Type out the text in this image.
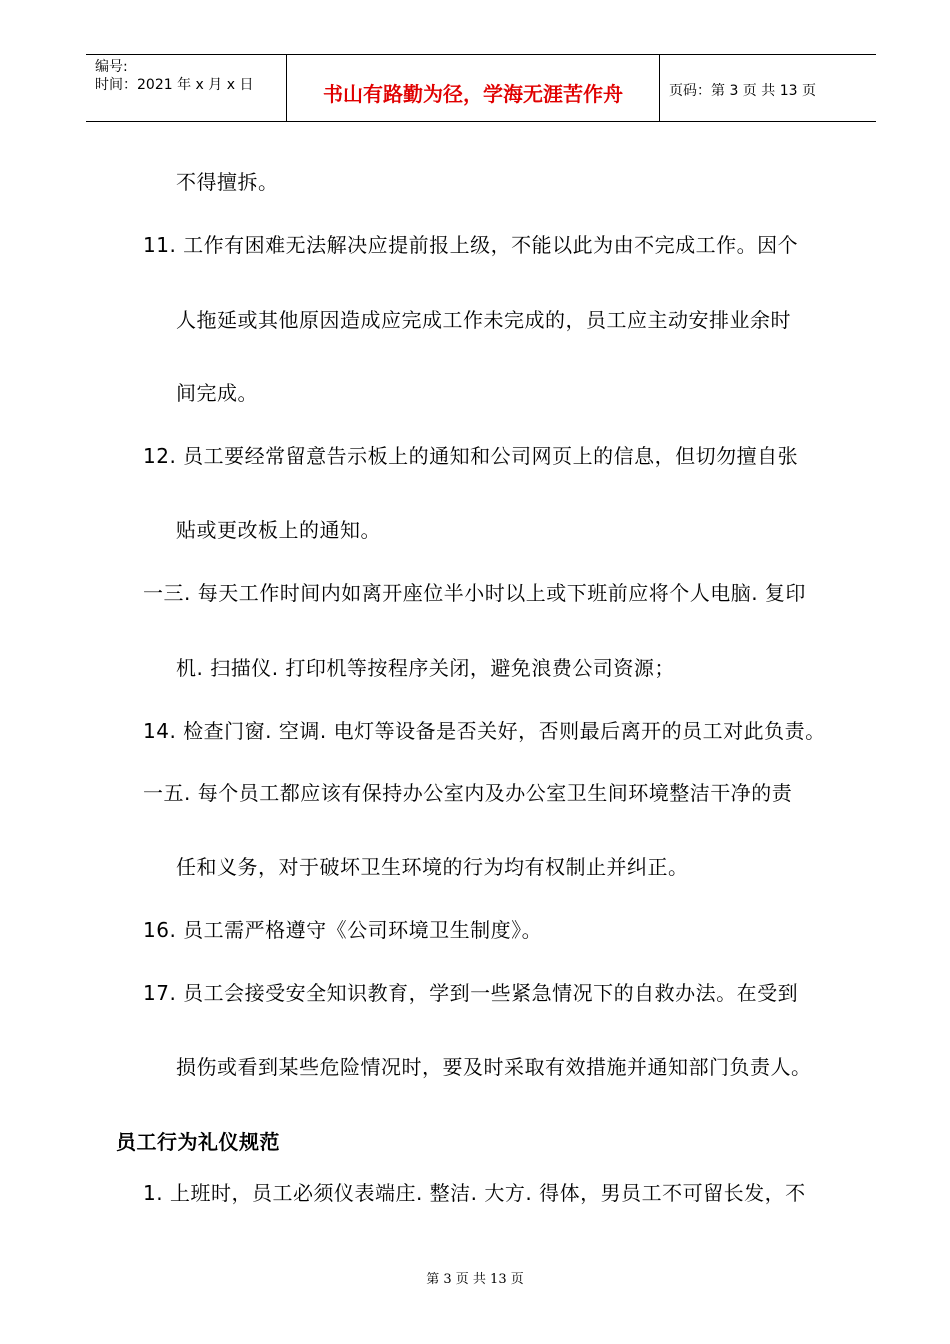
编号:
时间：2021 年 x 月 x 日	书山有路勤为径，学海无涯苦作舟	页码：第 3 页 共 13 页
不得擅拆。
11. 工作有困难无法解决应提前报上级，不能以此为由不完成工作。因个
人拖延或其他原因造成应完成工作未完成的，员工应主动安排业余时
间完成。
12. 员工要经常留意告示板上的通知和公司网页上的信息，但切勿擅自张
贴或更改板上的通知。
一三. 每天工作时间内如离开座位半小时以上或下班前应将个人电脑. 复印
机. 扫描仪. 打印机等按程序关闭，避免浪费公司资源；
14. 检查门窗. 空调. 电灯等设备是否关好，否则最后离开的员工对此负责。
一五. 每个员工都应该有保持办公室内及办公室卫生间环境整洁干净的责
任和义务，对于破坏卫生环境的行为均有权制止并纠正。
16. 员工需严格遵守《公司环境卫生制度》。
17. 员工会接受安全知识教育，学到一些紧急情况下的自救办法。在受到
损伤或看到某些危险情况时，要及时采取有效措施并通知部门负责人。
员工行为礼仪规范
1. 上班时，员工必须仪表端庄. 整洁. 大方. 得体，男员工不可留长发，不
第 3 页 共 13 页
